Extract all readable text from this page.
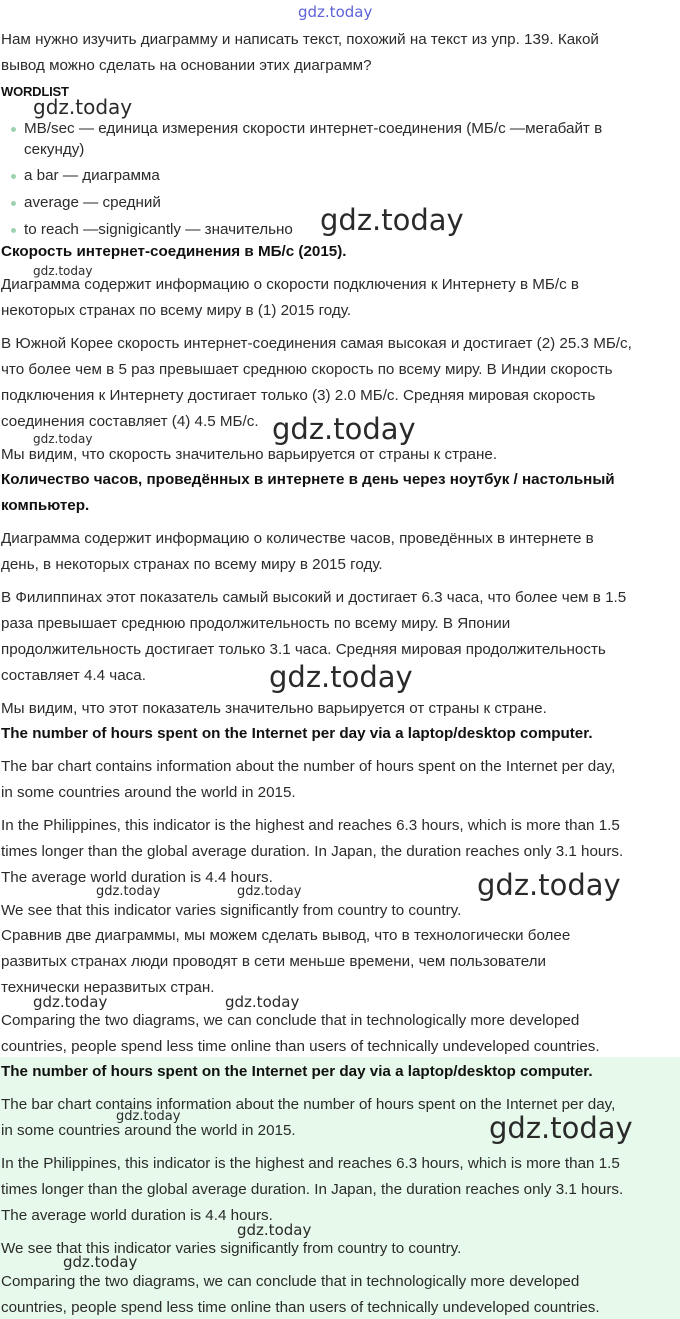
Нам нужно изучить диаграмму и написать текст, похожий на текст из упр. 139. Какой
вывод можно сделать на основании этих диаграмм?
WORDLIST
MB/sec — единица измерения скорости интернет-соединения (МБ/с —мегабайт в
секунду)
a bar — диаграмма
average — средний
to reach —signigicantly — значительно
Скорость интернет-соединения в МБ/с (2015).
Диаграмма содержит информацию о скорости подключения к Интернету в МБ/с в
некоторых странах по всему миру в (1) 2015 году.
В Южной Корее скорость интернет-соединения самая высокая и достигает (2) 25.3 МБ/с,
что более чем в 5 раз превышает среднюю скорость по всему миру. В Индии скорость
подключения к Интернету достигает только (3) 2.0 МБ/с. Средняя мировая скорость
соединения составляет (4) 4.5 МБ/с.
Мы видим, что скорость значительно варьируется от страны к стране.
Количество часов, проведённых в интернете в день через ноутбук / настольный
компьютер.
Диаграмма содержит информацию о количестве часов, проведённых в интернете в
день, в некоторых странах по всему миру в 2015 году.
В Филиппинах этот показатель самый высокий и достигает 6.3 часа, что более чем в 1.5
раза превышает среднюю продолжительность по всему миру. В Японии
продолжительность достигает только 3.1 часа. Средняя мировая продолжительность
составляет 4.4 часа.
Мы видим, что этот показатель значительно варьируется от страны к стране.
The number of hours spent on the Internet per day via a laptop/desktop computer.
The bar chart contains information about the number of hours spent on the Internet per day,
in some countries around the world in 2015.
In the Philippines, this indicator is the highest and reaches 6.3 hours, which is more than 1.5
times longer than the global average duration. In Japan, the duration reaches only 3.1 hours.
The average world duration is 4.4 hours.
We see that this indicator varies significantly from country to country.
Сравнив две диаграммы, мы можем сделать вывод, что в технологически более
развитых странах люди проводят в сети меньше времени, чем пользователи
технически неразвитых стран.
Comparing the two diagrams, we can conclude that in technologically more developed
countries, people spend less time online than users of technically undeveloped countries.
The number of hours spent on the Internet per day via a laptop/desktop computer.
The bar chart contains information about the number of hours spent on the Internet per day,
in some countries around the world in 2015.
In the Philippines, this indicator is the highest and reaches 6.3 hours, which is more than 1.5
times longer than the global average duration. In Japan, the duration reaches only 3.1 hours.
The average world duration is 4.4 hours.
We see that this indicator varies significantly from country to country.
Comparing the two diagrams, we can conclude that in technologically more developed
countries, people spend less time online than users of technically undeveloped countries.
gdz.today
gdz.today
gdz.today
gdz.today
gdz.today
gdz.today
gdz.today
gdz.today
gdz.today	gdz.today
gdz.today	gdz.today
gdz.today	gdz.today
gdz.today
gdz.today
